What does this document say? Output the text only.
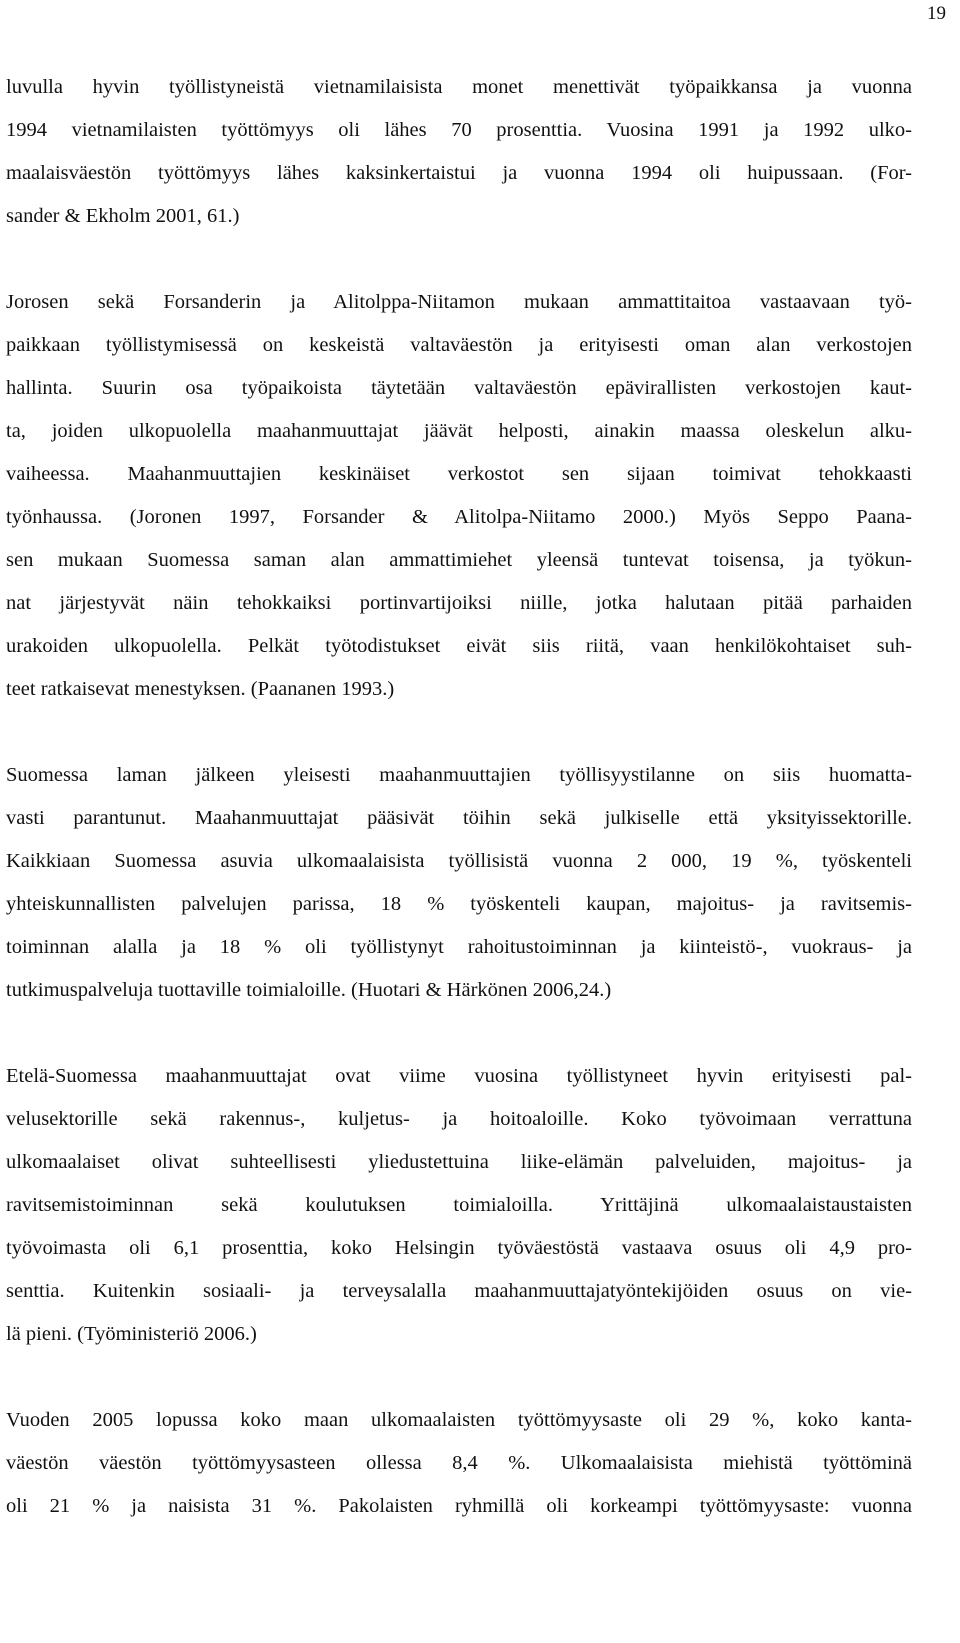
19
luvulla hyvin työllistyneistä vietnamilaisista monet menettivät työpaikkansa ja vuonna
1994 vietnamilaisten työttömyys oli lähes 70 prosenttia. Vuosina 1991 ja 1992 ulko-
maalaisväestön työttömyys lähes kaksinkertaistui ja vuonna 1994 oli huipussaan. (For-
sander & Ekholm 2001, 61.)
Jorosen sekä Forsanderin ja Alitolppa-Niitamon mukaan ammattitaitoa vastaavaan työ-
paikkaan työllistymisessä on keskeistä valtaväestön ja erityisesti oman alan verkostojen
hallinta. Suurin osa työpaikoista täytetään valtaväestön epävirallisten verkostojen kaut-
ta, joiden ulkopuolella maahanmuuttajat jäävät helposti, ainakin maassa oleskelun alku-
vaiheessa. Maahanmuuttajien keskinäiset verkostot sen sijaan toimivat tehokkaasti
työnhaussa. (Joronen 1997, Forsander & Alitolpa-Niitamo 2000.) Myös Seppo Paana-
sen mukaan Suomessa saman alan ammattimiehet yleensä tuntevat toisensa, ja työkun-
nat järjestyvät näin tehokkaiksi portinvartijoiksi niille, jotka halutaan pitää parhaiden
urakoiden ulkopuolella. Pelkät työtodistukset eivät siis riitä, vaan henkilökohtaiset suh-
teet ratkaisevat menestyksen. (Paananen 1993.)
Suomessa laman jälkeen yleisesti maahanmuuttajien työllisyystilanne on siis huomatta-
vasti parantunut. Maahanmuuttajat pääsivät töihin sekä julkiselle että yksityissektorille.
Kaikkiaan Suomessa asuvia ulkomaalaisista työllisistä vuonna 2 000, 19 %, työskenteli
yhteiskunnallisten palvelujen parissa, 18 % työskenteli kaupan, majoitus- ja ravitsemis-
toiminnan alalla ja 18 % oli työllistynyt rahoitustoiminnan ja kiinteistö-, vuokraus- ja
tutkimuspalveluja tuottaville toimialoille. (Huotari & Härkönen 2006,24.)
Etelä-Suomessa maahanmuuttajat ovat viime vuosina työllistyneet hyvin erityisesti pal-
velusektorille sekä rakennus-, kuljetus- ja hoitoaloille. Koko työvoimaan verrattuna
ulkomaalaiset olivat suhteellisesti yliedustettuina liike-elämän palveluiden, majoitus- ja
ravitsemistoiminnan sekä koulutuksen toimialoilla. Yrittäjinä ulkomaalaistaustaisten
työvoimasta oli 6,1 prosenttia, koko Helsingin työväestöstä vastaava osuus oli 4,9 pro-
senttia. Kuitenkin sosiaali- ja terveysalalla maahanmuuttajatyöntekijöiden osuus on vie-
lä pieni. (Työministeriö 2006.)
Vuoden 2005 lopussa koko maan ulkomaalaisten työttömyysaste oli 29 %, koko kanta-
väestön väestön työttömyysasteen ollessa 8,4 %. Ulkomaalaisista miehistä työttöminä
oli 21 % ja naisista 31 %. Pakolaisten ryhmillä oli korkeampi työttömyysaste: vuonna
